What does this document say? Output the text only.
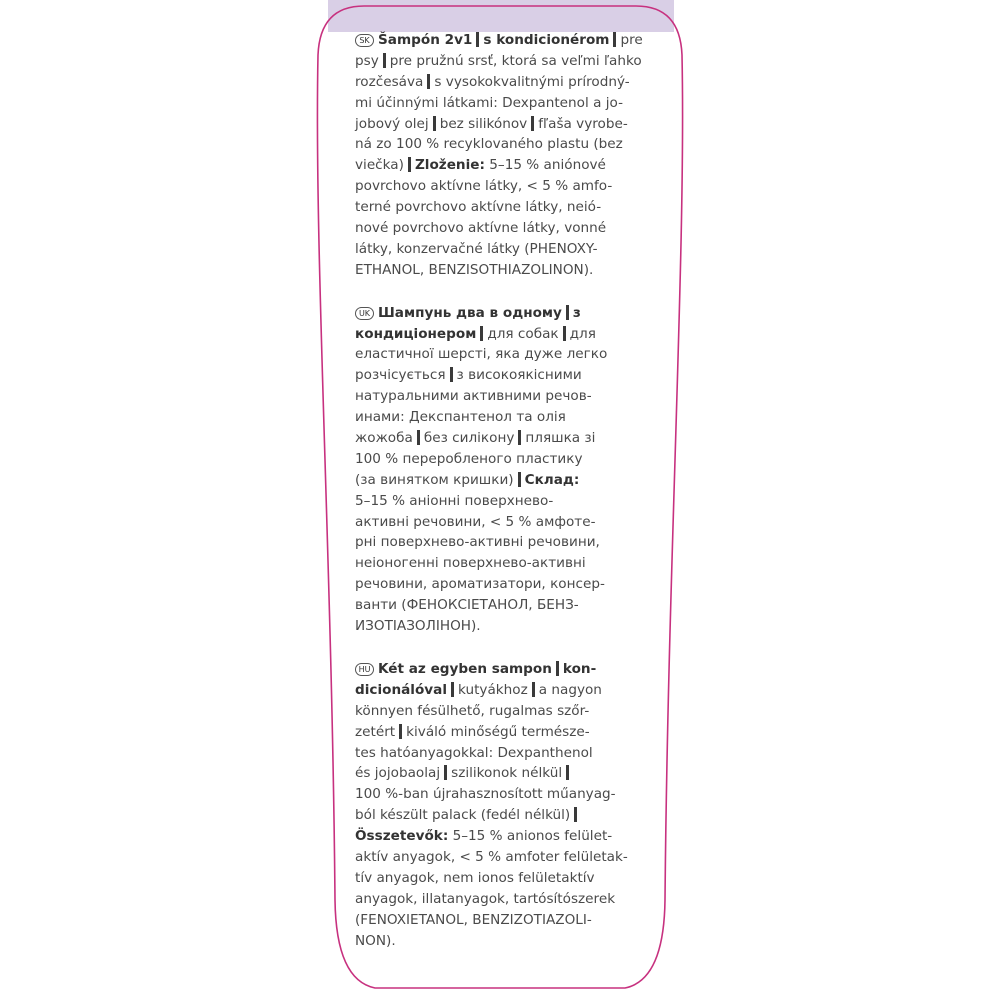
SK Šampón 2v1 s kondicionérom pre
psy pre pružnú srsť, ktorá sa veľmi ľahko
rozčesáva s vysokokvalitnými prírodný-
mi účinnými látkami: Dexpantenol a jo-
jobový olej bez silikónov fľaša vyrobe-
ná zo 100 % recyklovaného plastu (bez
viečka) Zloženie: 5–15 % aniónové
povrchovo aktívne látky, < 5 % amfo-
terné povrchovo aktívne látky, neió-
nové povrchovo aktívne látky, vonné
látky, konzervačné látky (PHENOXY-
ETHANOL, BENZISOTHIAZOLINON).
UK Шампунь два в одному з
кондиціонером для собак для
еластичної шерсті, яка дуже легко
розчісується з високоякісними
натуральними активними речов-
инами: Декспантенол та олія
жожоба без силікону пляшка зі
100 % переробленого пластику
(за винятком кришки) Склад:
5–15 % аніонні поверхнево-
активні речовини, < 5 % амфоте-
рні поверхнево-активні речовини,
неіоногенні поверхнево-активні
речовини, ароматизатори, консер-
ванти (ФЕНОКСІЕТАНОЛ, БЕНЗ-
ИЗОТІАЗОЛІНОН).
HU Két az egyben sampon kon-
dicionálóval kutyákhoz a nagyon
könnyen fésülhető, rugalmas szőr-
zetért kiváló minőségű természe-
tes hatóanyagokkal: Dexpanthenol
és jojobaolaj szilikonok nélkül
100 %-ban újrahasznosított műanyag-
ból készült palack (fedél nélkül)
Összetevők: 5–15 % anionos felület-
aktív anyagok, < 5 % amfoter felületak-
tív anyagok, nem ionos felületaktív
anyagok, illatanyagok, tartósítószerek
(FENOXIETANOL, BENZIZOTIAZOLI-
NON).
